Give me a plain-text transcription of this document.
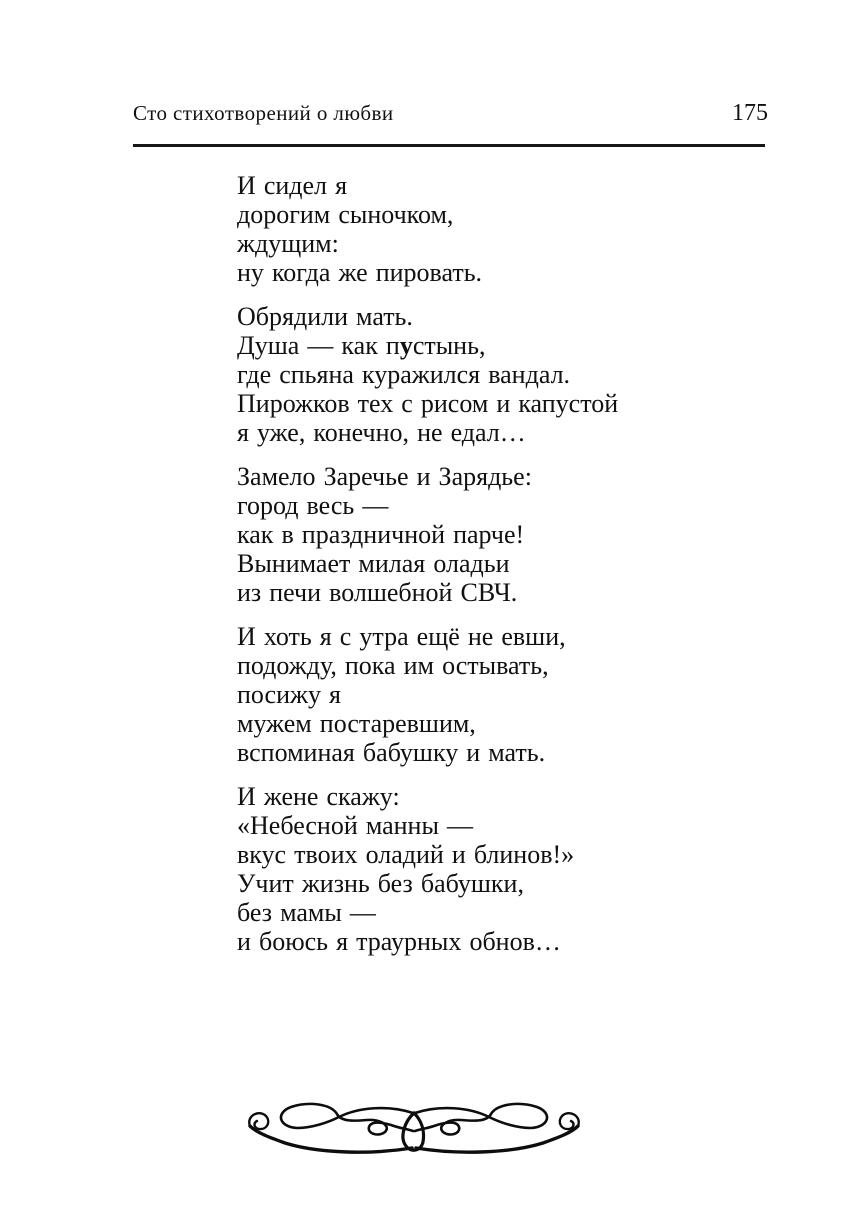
Сто стихотворений о любви	175
И сидел я
дорогим сыночком,
ждущим:
ну когда же пировать.
Обрядили мать.
Душа — как пустынь,
где спьяна куражился вандал.
Пирожков тех с рисом и капустой
я уже, конечно, не едал…
Замело Заречье и Зарядье:
город весь —
как в праздничной парче!
Вынимает милая оладьи
из печи волшебной СВЧ.
И хоть я с утра ещё не евши,
подожду, пока им остывать,
посижу я
мужем постаревшим,
вспоминая бабушку и мать.
И жене скажу:
«Небесной манны —
вкус твоих оладий и блинов!»
Учит жизнь без бабушки,
без мамы —
и боюсь я траурных обнов…
